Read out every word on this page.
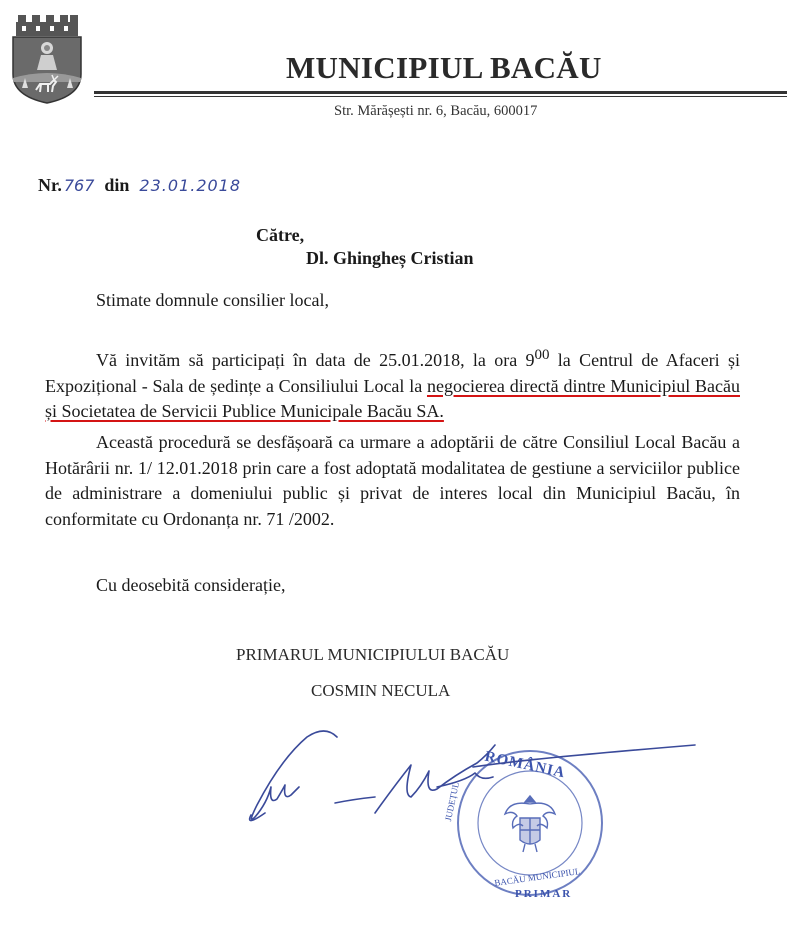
MUNICIPIUL BACĂU
Str. Mărășești nr. 6, Bacău, 600017
Nr. 767 din 23.01.2018
Către,
Dl. Ghingheș Cristian
Stimate domnule consilier local,
Vă invităm să participați în data de 25.01.2018, la ora $9^{00}$ la Centrul de Afaceri și Expozițional - Sala de ședințe a Consiliului Local la negocierea directă dintre Municipiul Bacău și Societatea de Servicii Publice Municipale Bacău SA.
Această procedură se desfășoară ca urmare a adoptării de către Consiliul Local Bacău a Hotărârii nr. 1/ 12.01.2018 prin care a fost adoptată modalitatea de gestiune a serviciilor publice de administrare a domeniului public și privat de interes local din Municipiul Bacău, în conformitate cu Ordonanța nr. 71 /2002.
Cu deosebită considerație,
PRIMARUL MUNICIPIULUI BACĂU
COSMIN NECULA
ROMÂNIA
JUDEȚUL
BACĂU MUNICIPIUL
PRIMAR
